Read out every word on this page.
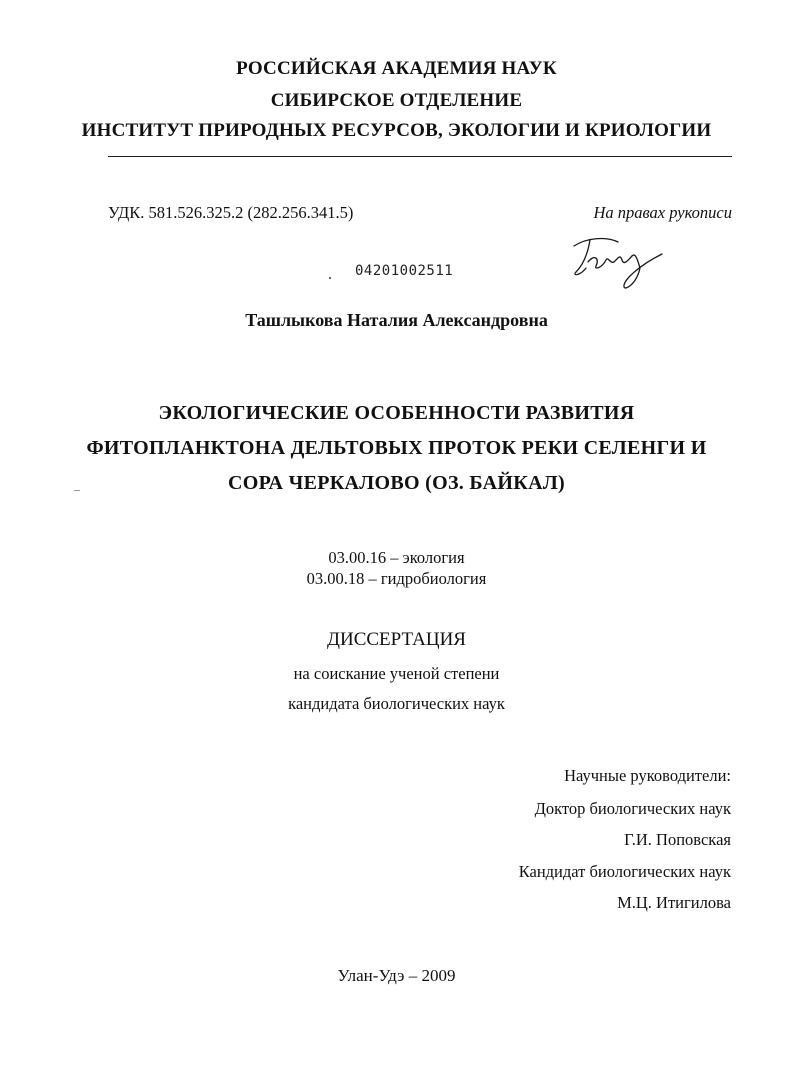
РОССИЙСКАЯ АКАДЕМИЯ НАУК
СИБИРСКОЕ ОТДЕЛЕНИЕ
ИНСТИТУТ ПРИРОДНЫХ РЕСУРСОВ, ЭКОЛОГИИ И КРИОЛОГИИ
УДК. 581.526.325.2 (282.256.341.5)	На правах рукописи
04201002511
Ташлыкова Наталия Александровна
ЭКОЛОГИЧЕСКИЕ ОСОБЕННОСТИ РАЗВИТИЯ
ФИТОПЛАНКТОНА ДЕЛЬТОВЫХ ПРОТОК РЕКИ СЕЛЕНГИ И
СОРА ЧЕРКАЛОВО (ОЗ. БАЙКАЛ)
03.00.16 – экология
03.00.18 – гидробиология
ДИССЕРТАЦИЯ
на соискание ученой степени
кандидата биологических наук
Научные руководители:
Доктор биологических наук
Г.И. Поповская
Кандидат биологических наук
М.Ц. Итигилова
Улан-Удэ – 2009
